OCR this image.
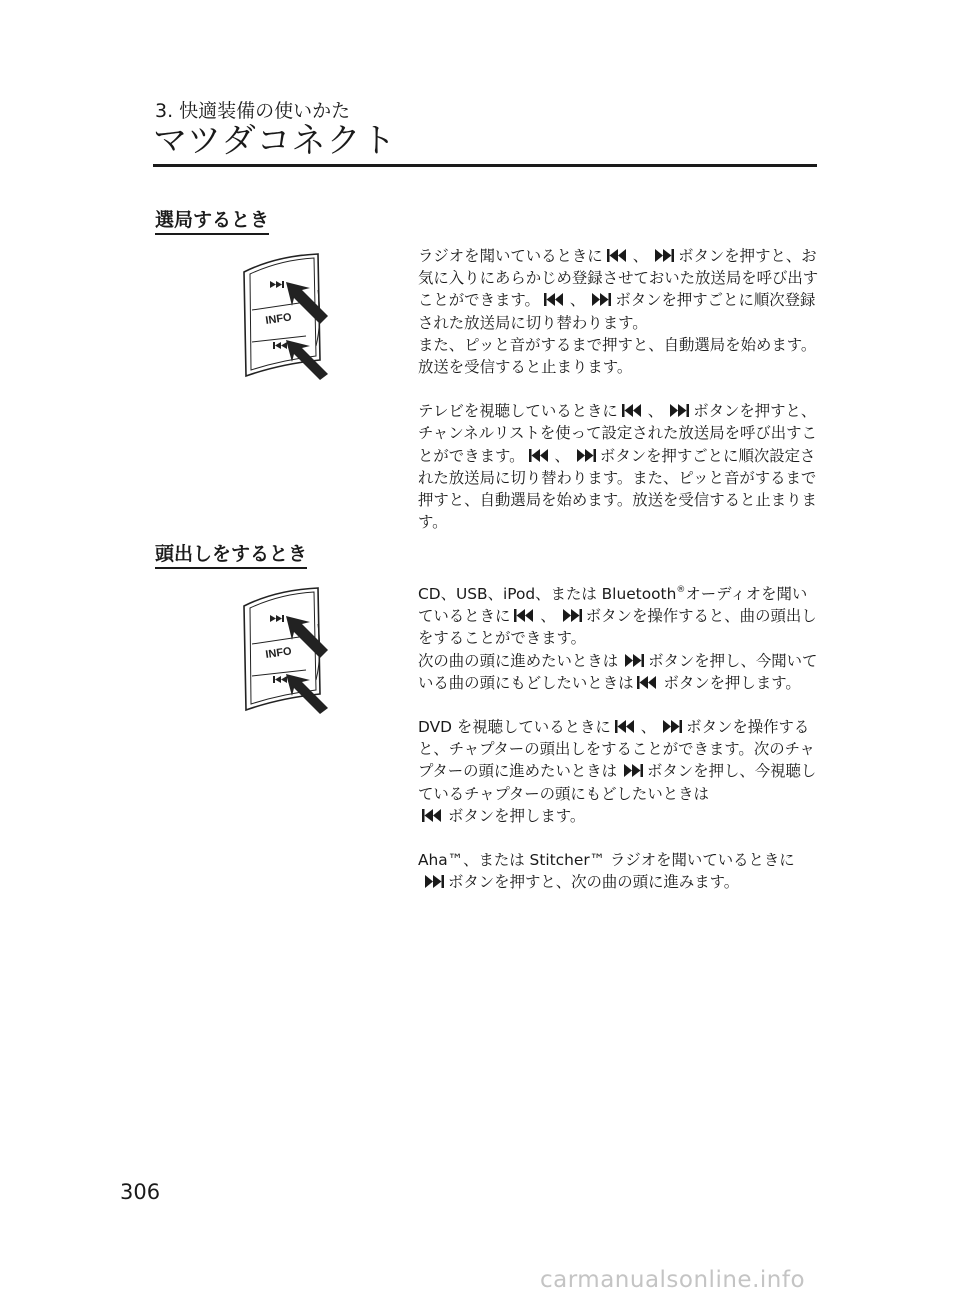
3. 快適装備の使いかた
マツダコネクト
選局するとき
INFO

ラジオを聞いているときに 、 ボタンを押すと、お気に入りにあらかじめ登録させておいた放送局を呼び出すことができます。 、 ボタンを押すごとに順次登録された放送局に切り替わります。
また、ピッと音がするまで押すと、自動選局を始めます。放送を受信すると止まります。

テレビを視聴しているときに 、 ボタンを押すと、チャンネルリストを使って設定された放送局を呼び出すことができます。 、 ボタンを押すごとに順次設定された放送局に切り替わります。また、ピッと音がするまで押すと、自動選局を始めます。放送を受信すると止まります。

頭出しをするとき
INFO

CD、USB、iPod、または Bluetooth®オーディオを聞いているときに 、 ボタンを操作すると、曲の頭出しをすることができます。
次の曲の頭に進めたいときは ボタンを押し、今聞いている曲の頭にもどしたいときは ボタンを押します。

DVD を視聴しているときに 、 ボタンを操作すると、チャプターの頭出しをすることができます。次のチャプターの頭に進めたいときは ボタンを押し、今視聴しているチャプターの頭にもどしたいときは

ボタンを押します。

Aha™、または Stitcher™ ラジオを聞いているときに
ボタンを押すと、次の曲の頭に進みます。

306
carmanualsonline.info
